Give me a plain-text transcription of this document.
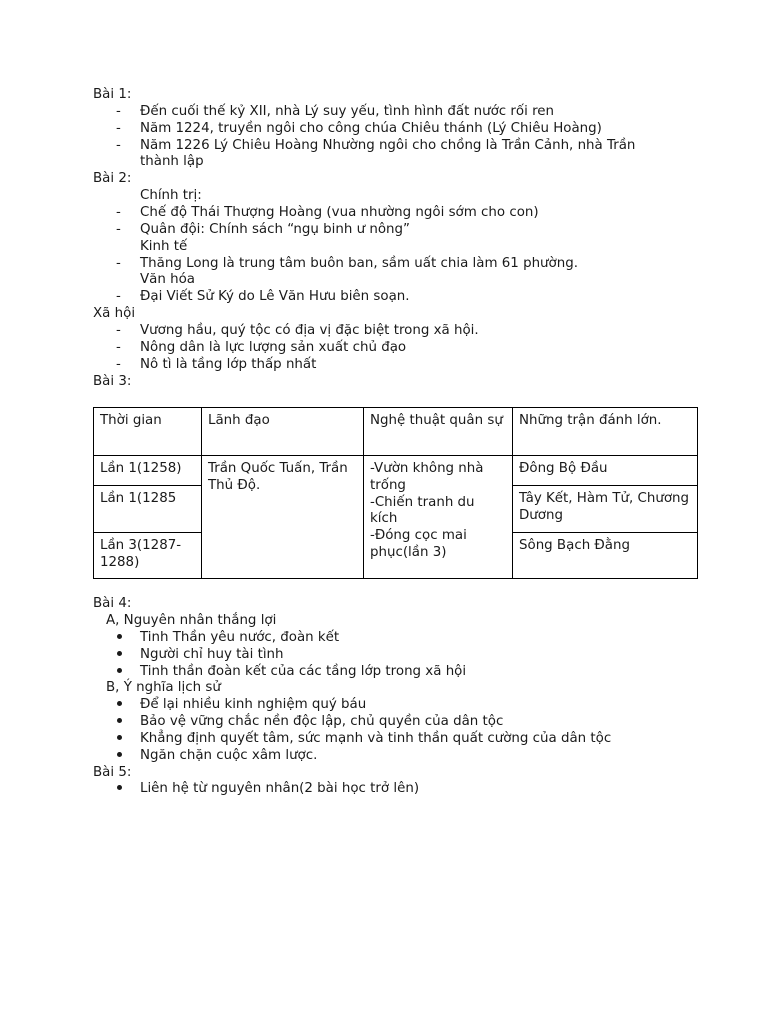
Bài 1:
-	Đến cuối thế kỷ XII, nhà Lý suy yếu, tình hình đất nước rối ren
-	Năm 1224, truyền ngôi cho công chúa Chiêu thánh (Lý Chiêu Hoàng)
-	Năm 1226 Lý Chiêu Hoàng Nhường ngôi cho chồng là Trần Cảnh, nhà Trần
thành lập
Bài 2:
Chính trị:
-	Chế độ Thái Thượng Hoàng (vua nhường ngôi sớm cho con)
-	Quân đội: Chính sách “ngụ binh ư nông”
Kinh tế
-	Thăng Long là trung tâm buôn ban, sầm uất chia làm 61 phường.
Văn hóa
-	Đại Viết Sử Ký do Lê Văn Hưu biên soạn.
Xã hội
-	Vương hầu, quý tộc có địa vị đặc biệt trong xã hội.
-	Nông dân là lực lượng sản xuất chủ đạo
-	Nô tì là tầng lớp thấp nhất
Bài 3:
Thời gian	Lãnh đạo	Nghệ thuật quân sự	Những trận đánh lớn.
Lần 1(1258)	Trần Quốc Tuấn, Trần Thủ Độ.	-Vườn không nhà trống
-Chiến tranh du kích
-Đóng cọc mai phục(lần 3)	Đông Bộ Đầu
Lần 1(1285			Tây Kết, Hàm Tử, Chương Dương
Lần 3(1287-1288)			Sông Bạch Đằng
Bài 4:
A, Nguyên nhân thắng lợi
Tinh Thần yêu nước, đoàn kết
Người chỉ huy tài tình
Tinh thần đoàn kết của các tầng lớp trong xã hội
B, Ý nghĩa lịch sử
Để lại nhiều kinh nghiệm quý báu
Bảo vệ vững chắc nền độc lập, chủ quyền của dân tộc
Khẳng định quyết tâm, sức mạnh và tinh thần quất cường của dân tộc
Ngăn chặn cuộc xâm lược.
Bài 5:
Liên hệ từ nguyên nhân(2 bài học trở lên)
